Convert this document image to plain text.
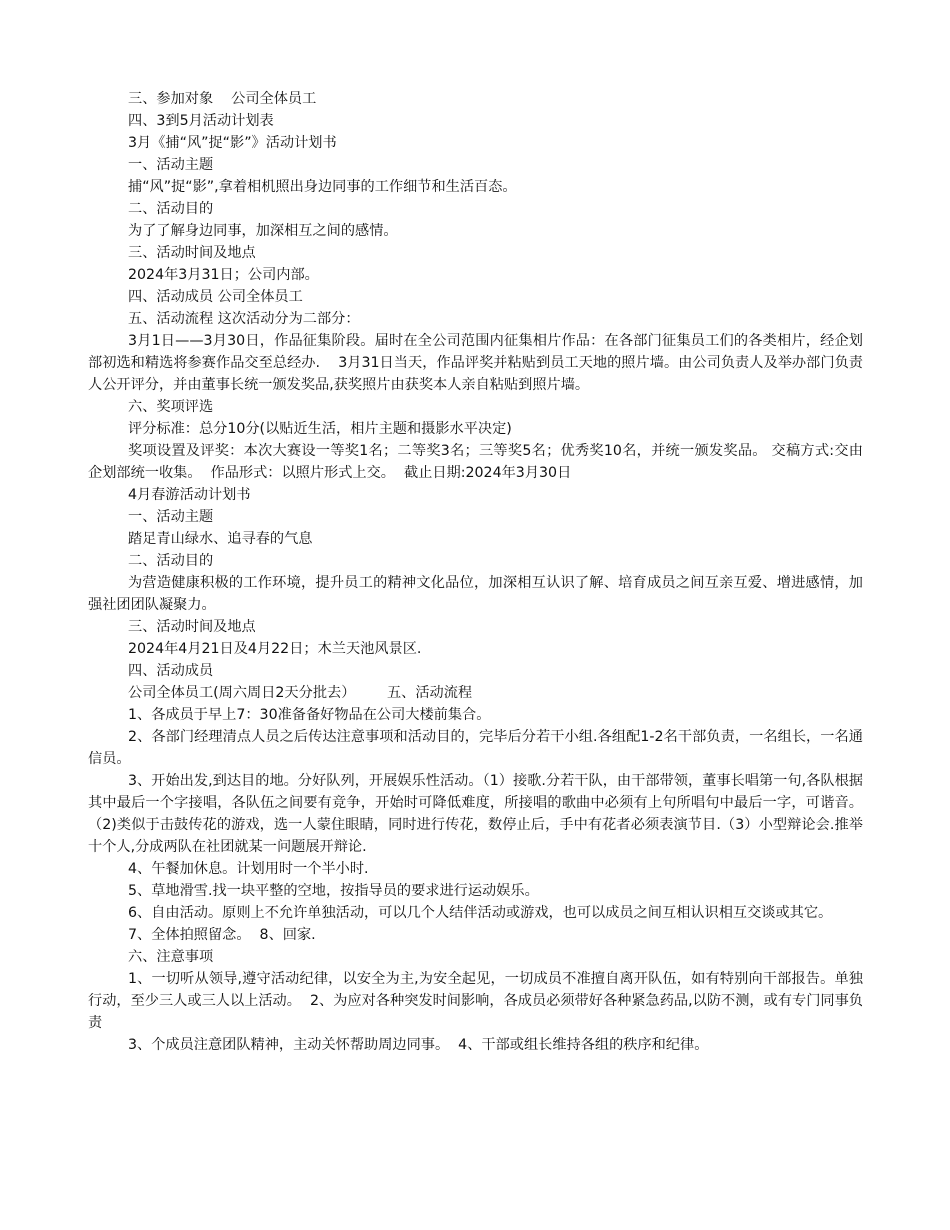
三、参加对象    公司全体员工

四、3到5月活动计划表

3月《捕“风”捉“影”》活动计划书

一、活动主题

捕“风”捉“影”,拿着相机照出身边同事的工作细节和生活百态。

二、活动目的

为了了解身边同事，加深相互之间的感情。

三、活动时间及地点

2024年3月31日；公司内部。

四、活动成员 公司全体员工

五、活动流程 这次活动分为二部分：

3月1日——3月30日，作品征集阶段。届时在全公司范围内征集相片作品：在各部门征集员工们的各类相片，经企划部初选和精选将参赛作品交至总经办.    3月31日当天，作品评奖并粘贴到员工天地的照片墙。由公司负责人及举办部门负责人公开评分，并由董事长统一颁发奖品,获奖照片由获奖本人亲自粘贴到照片墙。

六、奖项评选

评分标准：总分10分(以贴近生活，相片主题和摄影水平决定)

奖项设置及评奖：本次大赛设一等奖1名；二等奖3名；三等奖5名；优秀奖10名，并统一颁发奖品。 交稿方式:交由企划部统一收集。  作品形式：以照片形式上交。  截止日期:2024年3月30日

4月春游活动计划书

一、活动主题

踏足青山绿水、追寻春的气息

二、活动目的

为营造健康积极的工作环境，提升员工的精神文化品位，加深相互认识了解、培育成员之间互亲互爱、增进感情，加强社团团队凝聚力。

三、活动时间及地点

2024年4月21日及4月22日；木兰天池风景区.

四、活动成员

公司全体员工(周六周日2天分批去）       五、活动流程

1、各成员于早上7：30准备备好物品在公司大楼前集合。

2、各部门经理清点人员之后传达注意事项和活动目的，完毕后分若干小组.各组配1-2名干部负责，一名组长，一名通信员。

3、开始出发,到达目的地。分好队列，开展娱乐性活动。（1）接歌.分若干队，由干部带领，董事长唱第一句,各队根据其中最后一个字接唱，各队伍之间要有竞争，开始时可降低难度，所接唱的歌曲中必须有上句所唱句中最后一字，可谐音。（2)类似于击鼓传花的游戏，选一人蒙住眼睛，同时进行传花，数停止后，手中有花者必须表演节目.（3）小型辩论会.推举十个人,分成两队在社团就某一问题展开辩论.

4、午餐加休息。计划用时一个半小时.

5、草地滑雪.找一块平整的空地，按指导员的要求进行运动娱乐。

6、自由活动。原则上不允许单独活动，可以几个人结伴活动或游戏，也可以成员之间互相认识相互交谈或其它。

7、全体拍照留念。  8、回家.

六、注意事项

1、一切听从领导,遵守活动纪律，以安全为主,为安全起见，一切成员不准擅自离开队伍，如有特别向干部报告。单独行动，至少三人或三人以上活动。  2、为应对各种突发时间影响，各成员必须带好各种紧急药品,以防不测，或有专门同事负责

3、个成员注意团队精神，主动关怀帮助周边同事。  4、干部或组长维持各组的秩序和纪律。
